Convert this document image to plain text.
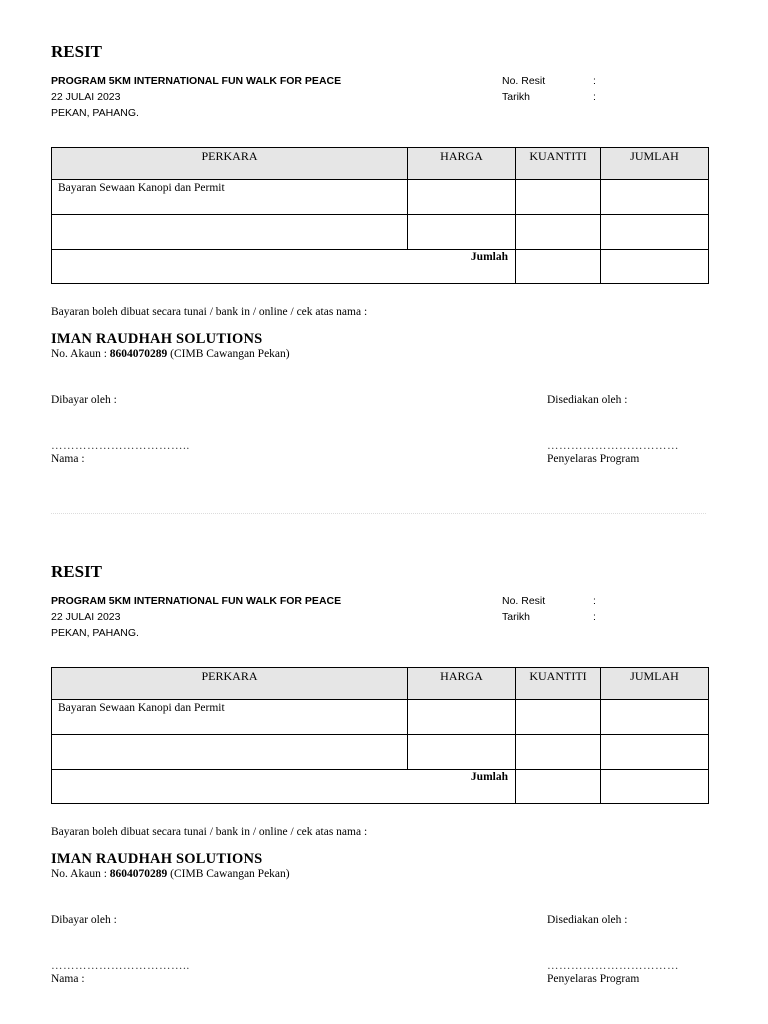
RESIT
PROGRAM 5KM INTERNATIONAL FUN WALK FOR PEACE
22 JULAI 2023
PEKAN, PAHANG.
No. Resit	:
Tarikh	:
PERKARA	HARGA	KUANTITI	JUMLAH
Bayaran Sewaan Kanopi dan Permit			

Jumlah			
Bayaran boleh dibuat secara tunai / bank in / online / cek atas nama :
IMAN RAUDHAH SOLUTIONS
No. Akaun : 8604070289 (CIMB Cawangan Pekan)
Dibayar oleh :	Disediakan oleh :
……………………………..	……………………………
Nama :	Penyelaras Program
RESIT
PROGRAM 5KM INTERNATIONAL FUN WALK FOR PEACE
22 JULAI 2023
PEKAN, PAHANG.
No. Resit	:
Tarikh	:
PERKARA	HARGA	KUANTITI	JUMLAH
Bayaran Sewaan Kanopi dan Permit			

Jumlah			
Bayaran boleh dibuat secara tunai / bank in / online / cek atas nama :
IMAN RAUDHAH SOLUTIONS
No. Akaun : 8604070289 (CIMB Cawangan Pekan)
Dibayar oleh :	Disediakan oleh :
……………………………..	……………………………
Nama :	Penyelaras Program
